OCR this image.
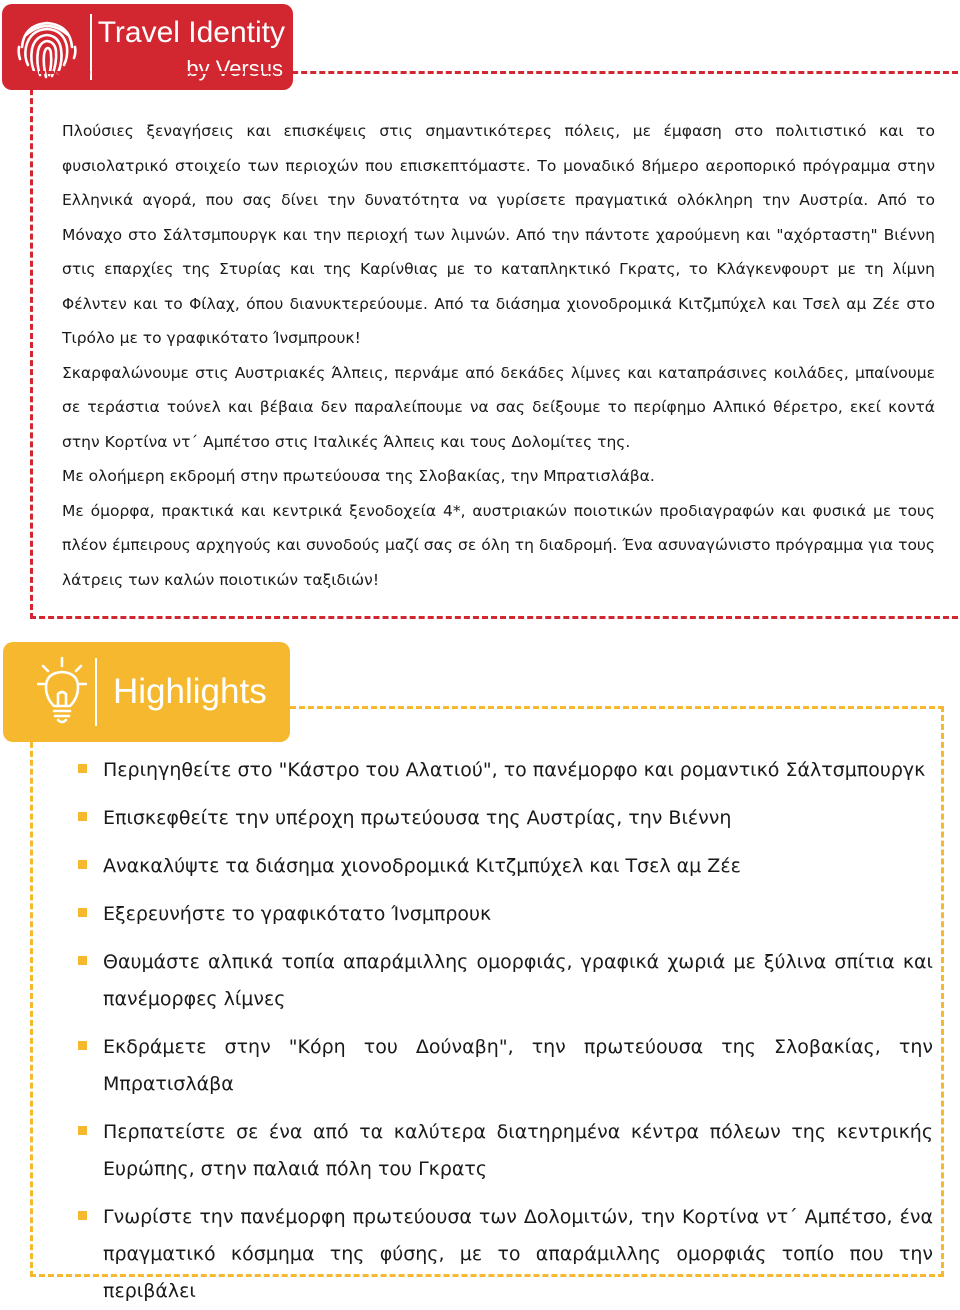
Travel Identity
by Versus

Πλούσιες ξεναγήσεις και επισκέψεις στις σημαντικότερες πόλεις, με έμφαση στο πολιτιστικό και το φυσιολατρικό στοιχείο των περιοχών που επισκεπτόμαστε. Το μοναδικό 8ήμερο αεροπορικό πρόγραμμα στην Ελληνικά αγορά, που σας δίνει την δυνατότητα να γυρίσετε πραγματικά ολόκληρη την Αυστρία. Από το Μόναχο στο Σάλτσμπουργκ και την περιοχή των λιμνών. Από την πάντοτε χαρούμενη και "αχόρταστη" Βιέννη στις επαρχίες της Στυρίας και της Καρίνθιας με το καταπληκτικό Γκρατς, το Κλάγκενφουρτ με τη λίμνη Φέλντεν και το Φίλαχ, όπου διανυκτερεύουμε. Από τα διάσημα χιονοδρομικά Κιτζμπύχελ και Τσελ αμ Ζέε στο Τιρόλο με το γραφικότατο Ίνσμπρουκ!

Σκαρφαλώνουμε στις Αυστριακές Άλπεις, περνάμε από δεκάδες λίμνες και καταπράσινες κοιλάδες, μπαίνουμε σε τεράστια τούνελ και βέβαια δεν παραλείπουμε να σας δείξουμε το περίφημο Αλπικό θέρετρο, εκεί κοντά στην Κορτίνα ντ΄ Αμπέτσο στις Ιταλικές Άλπεις και τους Δολομίτες της.

Με ολοήμερη εκδρομή στην πρωτεύουσα της Σλοβακίας, την Μπρατισλάβα.

Με όμορφα, πρακτικά και κεντρικά ξενοδοχεία 4*, αυστριακών ποιοτικών προδιαγραφών και φυσικά με τους πλέον έμπειρους αρχηγούς και συνοδούς μαζί σας σε όλη τη διαδρομή. Ένα ασυναγώνιστο πρόγραμμα για τους λάτρεις των καλών ποιοτικών ταξιδιών!

Highlights
Περιηγηθείτε στο "Κάστρο του Αλατιού", το πανέμορφο και ρομαντικό Σάλτσμπουργκ
Επισκεφθείτε την υπέροχη πρωτεύουσα της Αυστρίας, την Βιέννη
Ανακαλύψτε τα διάσημα χιονοδρομικά Κιτζμπύχελ και Τσελ αμ Ζέε
Εξερευνήστε το γραφικότατο Ίνσμπρουκ
Θαυμάστε αλπικά τοπία απαράμιλλης ομορφιάς, γραφικά χωριά με ξύλινα σπίτια και πανέμορφες λίμνες
Εκδράμετε στην "Κόρη του Δούναβη", την πρωτεύουσα της Σλοβακίας, την Μπρατισλάβα
Περπατείστε σε ένα από τα καλύτερα διατηρημένα κέντρα πόλεων της κεντρικής Ευρώπης, στην παλαιά πόλη του Γκρατς
Γνωρίστε την πανέμορφη πρωτεύουσα των Δολομιτών, την Κορτίνα ντ΄ Αμπέτσο, ένα πραγματικό κόσμημα της φύσης, με το απαράμιλλης ομορφιάς τοπίο που την περιβάλει
